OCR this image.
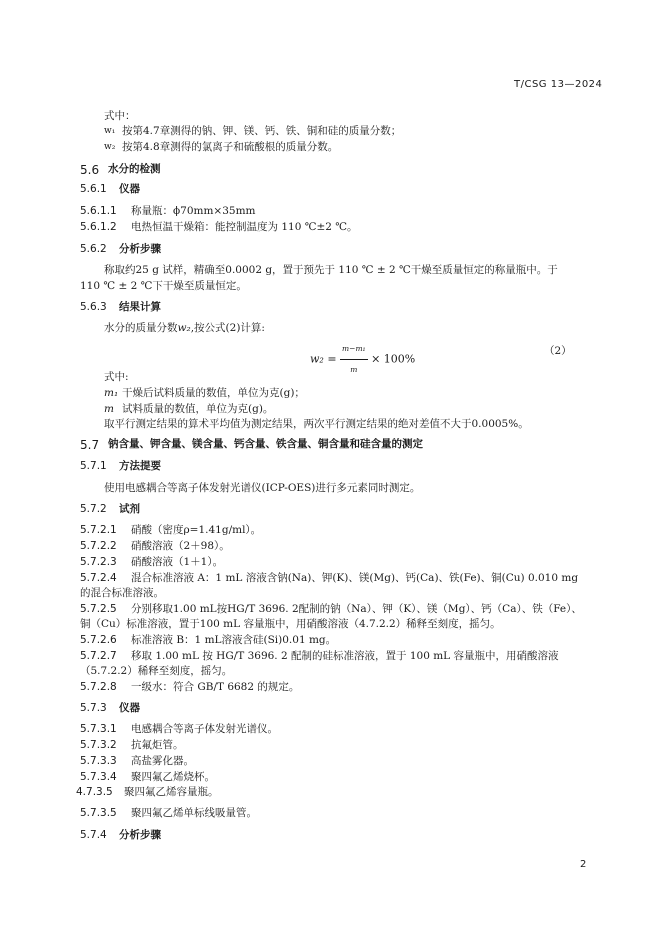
T/CSG 13—2024
式中：
w₁ 按第4.7章测得的钠、钾、镁、钙、铁、铜和硅的质量分数；
w₂ 按第4.8章测得的氯离子和硫酸根的质量分数。
5.6 水分的检测
5.6.1 仪器
5.6.1.1 称量瓶：ϕ70mm×35mm
5.6.1.2 电热恒温干燥箱：能控制温度为 110 ℃±2 ℃。
5.6.2 分析步骤
称取约25 g 试样，精确至0.0002 g，置于预先于 110 ℃ ± 2 ℃干燥至质量恒定的称量瓶中。于
110 ℃ ± 2 ℃下干燥至质量恒定。
5.6.3 结果计算
水分的质量分数w₂,按公式(2)计算:
$w_2 = \frac{\text{m−m₁}}{m} \times 100\%$
（2）
式中:
m₁ 干燥后试料质量的数值，单位为克(g)；
m 试料质量的数值，单位为克(g)。
取平行测定结果的算术平均值为测定结果，两次平行测定结果的绝对差值不大于0.0005%。
5.7 钠含量、钾含量、镁含量、钙含量、铁含量、铜含量和硅含量的测定
5.7.1 方法提要
使用电感耦合等离子体发射光谱仪(ICP-OES)进行多元素同时测定。
5.7.2 试剂
5.7.2.1 硝酸（密度ρ=1.41g/ml）。
5.7.2.2 硝酸溶液（2＋98）。
5.7.2.3 硝酸溶液（1＋1）。
5.7.2.4 混合标准溶液 A：1 mL 溶液含钠(Na)、钾(K)、镁(Mg)、钙(Ca)、铁(Fe)、铜(Cu) 0.010 mg
的混合标准溶液。
5.7.2.5 分别移取1.00 mL按HG/T 3696. 2配制的钠（Na）、钾（K）、镁（Mg）、钙（Ca）、铁（Fe）、
铜（Cu）标准溶液，置于100 mL 容量瓶中，用硝酸溶液（4.7.2.2）稀释至刻度，摇匀。
5.7.2.6 标准溶液 B：1 mL溶液含硅(Si)0.01 mg。
5.7.2.7 移取 1.00 mL 按 HG/T 3696. 2 配制的硅标准溶液，置于 100 mL 容量瓶中，用硝酸溶液
（5.7.2.2）稀释至刻度，摇匀。
5.7.2.8 一级水：符合 GB/T 6682 的规定。
5.7.3 仪器
5.7.3.1 电感耦合等离子体发射光谱仪。
5.7.3.2 抗氟炬管。
5.7.3.3 高盐雾化器。
5.7.3.4 聚四氟乙烯烧杯。
4.7.3.5 聚四氟乙烯容量瓶。
5.7.3.5 聚四氟乙烯单标线吸量管。
5.7.4 分析步骤
2
